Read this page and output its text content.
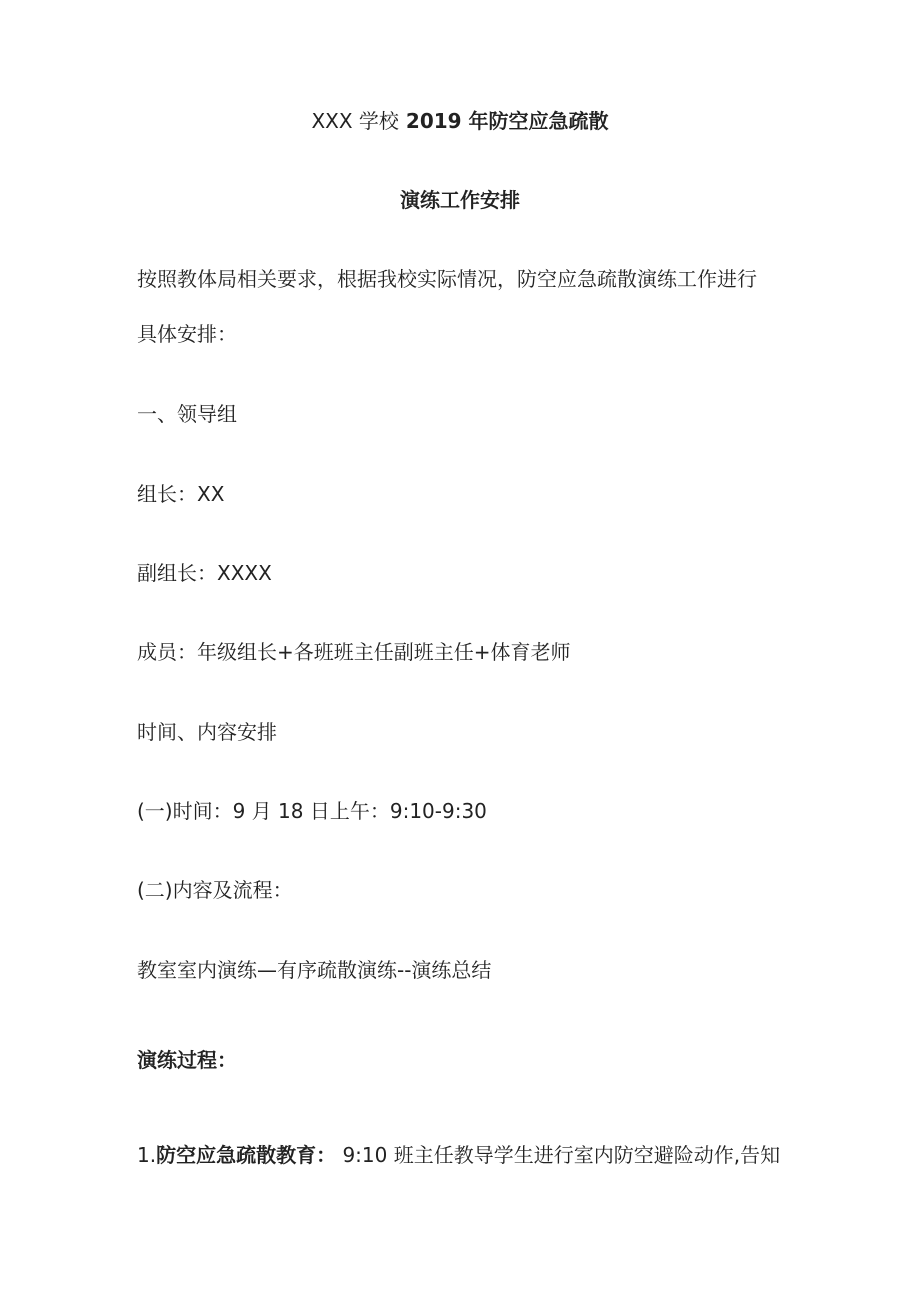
XXX 学校 2019 年防空应急疏散

演练工作安排

按照教体局相关要求，根据我校实际情况，防空应急疏散演练工作进行

具体安排：

一、领导组

组长：XX

副组长：XXXX

成员：年级组长+各班班主任副班主任+体育老师

时间、内容安排

(一)时间：9 月 18 日上午：9:10-9:30

(二)内容及流程：

教室室内演练—有序疏散演练--演练总结

演练过程：

1.防空应急疏散教育： 9:10 班主任教导学生进行室内防空避险动作,告知
